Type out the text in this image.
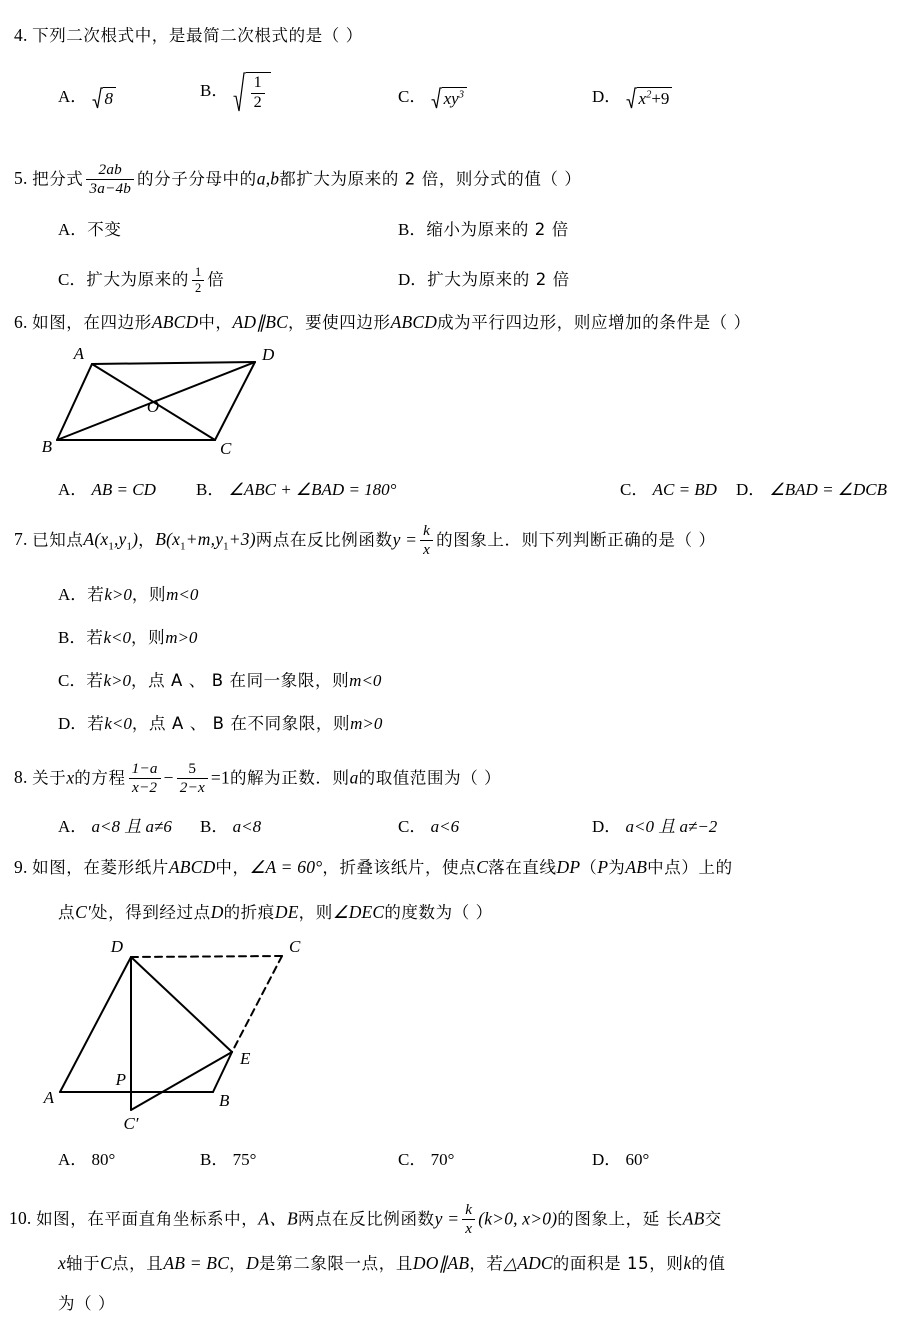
4. 下列二次根式中，是最简二次根式的是（ ）
A． 8	B． $\frac{1}{2}$	C． $xy^3$	D． $x^2+9$
5. 把分式 $\frac{2ab}{3a-4b}$ 的分子分母中的a,b都扩大为原来的 2 倍，则分式的值（ ）
A．不变	B．缩小为原来的 2 倍
C．扩大为原来的 $\frac{1}{2}$ 倍	D．扩大为原来的 2 倍
6. 如图，在四边形ABCD中，AD∥BC，要使四边形ABCD成为平行四边形，则应增加的条件是（ ）
A	D
B	C
O
A． AB = CD B． ∠ABC + ∠BAD = 180°	C． AC = BD D． ∠BAD = ∠DCB
7. 已知点$A(x_1,y_1)$，$B(x_1+m,y_1+3)$两点在反比例函数$y = \frac{k}{x}$ 的图象上．则下列判断正确的是（ ）
A．若k>0，则m<0
B．若k<0，则m>0
C．若k>0，点 A 、 B 在同一象限，则m<0
D．若k<0，点 A 、 B 在不同象限，则m>0
8. 关于x的方程 $\frac{1-a}{x-2} - \frac{5}{2-x} =1$的解为正数．则a的取值范围为（ ）
A． a<8 且 a≠6 B． a<8	C． a<6	D． a<0 且 a≠−2
9. 如图，在菱形纸片ABCD中，∠A = 60°，折叠该纸片，使点C落在直线DP（P为AB中点）上的
点C′处，得到经过点D的折痕DE，则∠DEC的度数为（ ）
D	C
E
A
P
B
C′
A． 80°	B． 75°	C． 70°	D． 60°
10. 如图，在平面直角坐标系中，A、B两点在反比例函数$y = \frac{k}{x} (k>0$, x>0)的图象上，延 长AB交
x轴于C点，且AB = BC，D是第二象限一点，且DO∥AB，若△ADC的面积是 15，则k的值
为（ ）
